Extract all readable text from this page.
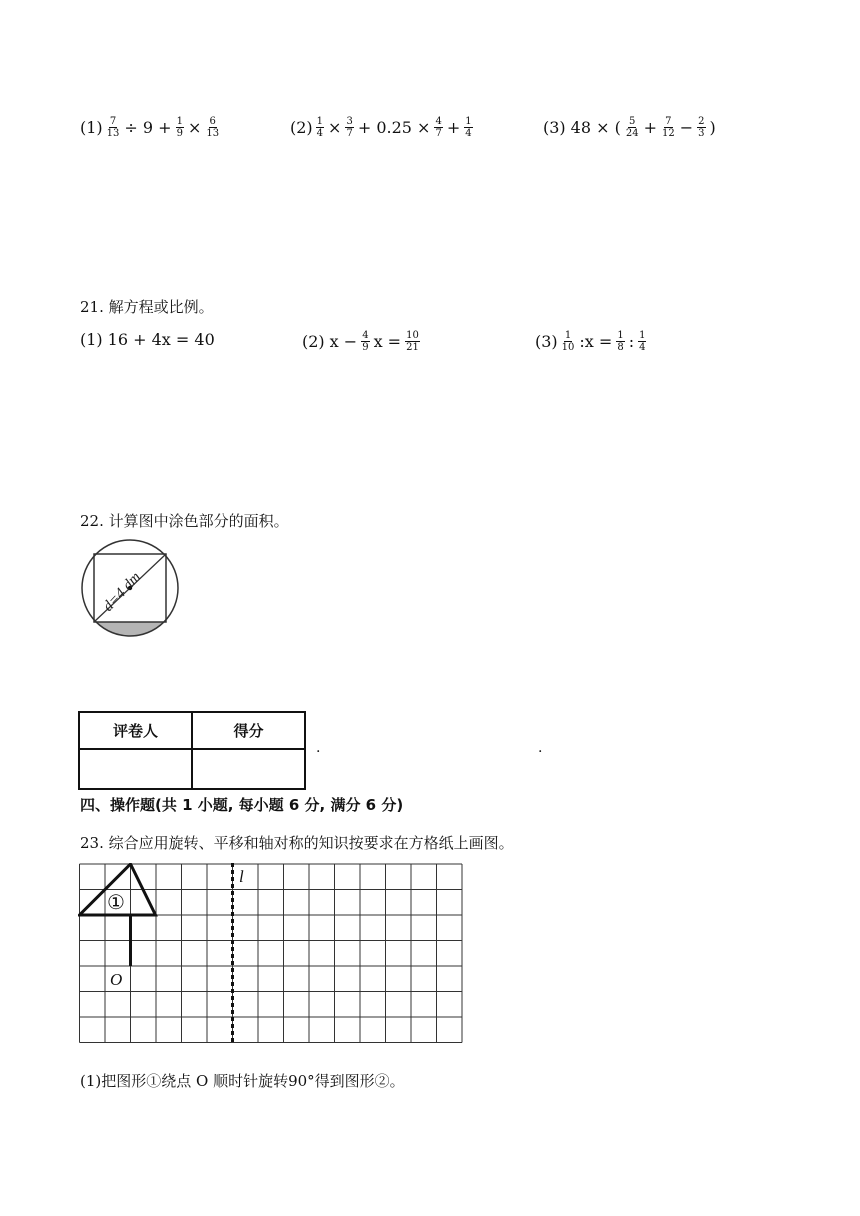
$(1) \frac{7}{13} \div 9 + \frac{1}{9} \times \frac{6}{13}$	$(2) \frac{1}{4} \times \frac{3}{7} + 0.25 \times \frac{4}{7} + \frac{1}{4}$	(3) 48 × ( $\frac{5}{24} + \frac{7}{12} - \frac{2}{3}$ )
21. 解方程或比例。
(1) 16 + 4x = 40	(2) $x - \frac{4}{9}$ $x = \frac{10}{21}$	$(3) \frac{1}{10}$ :x = $\frac{1}{8}$ : $\frac{1}{4}$
22. 计算图中涂色部分的面积。
d=4 dm
评卷人	得分

.	.
四、操作题(共 1 小题, 每小题 6 分, 满分 6 分)
23. 综合应用旋转、平移和轴对称的知识按要求在方格纸上画图。
l
①
O
(1)把图形①绕点 O 顺时针旋转90°得到图形②。
